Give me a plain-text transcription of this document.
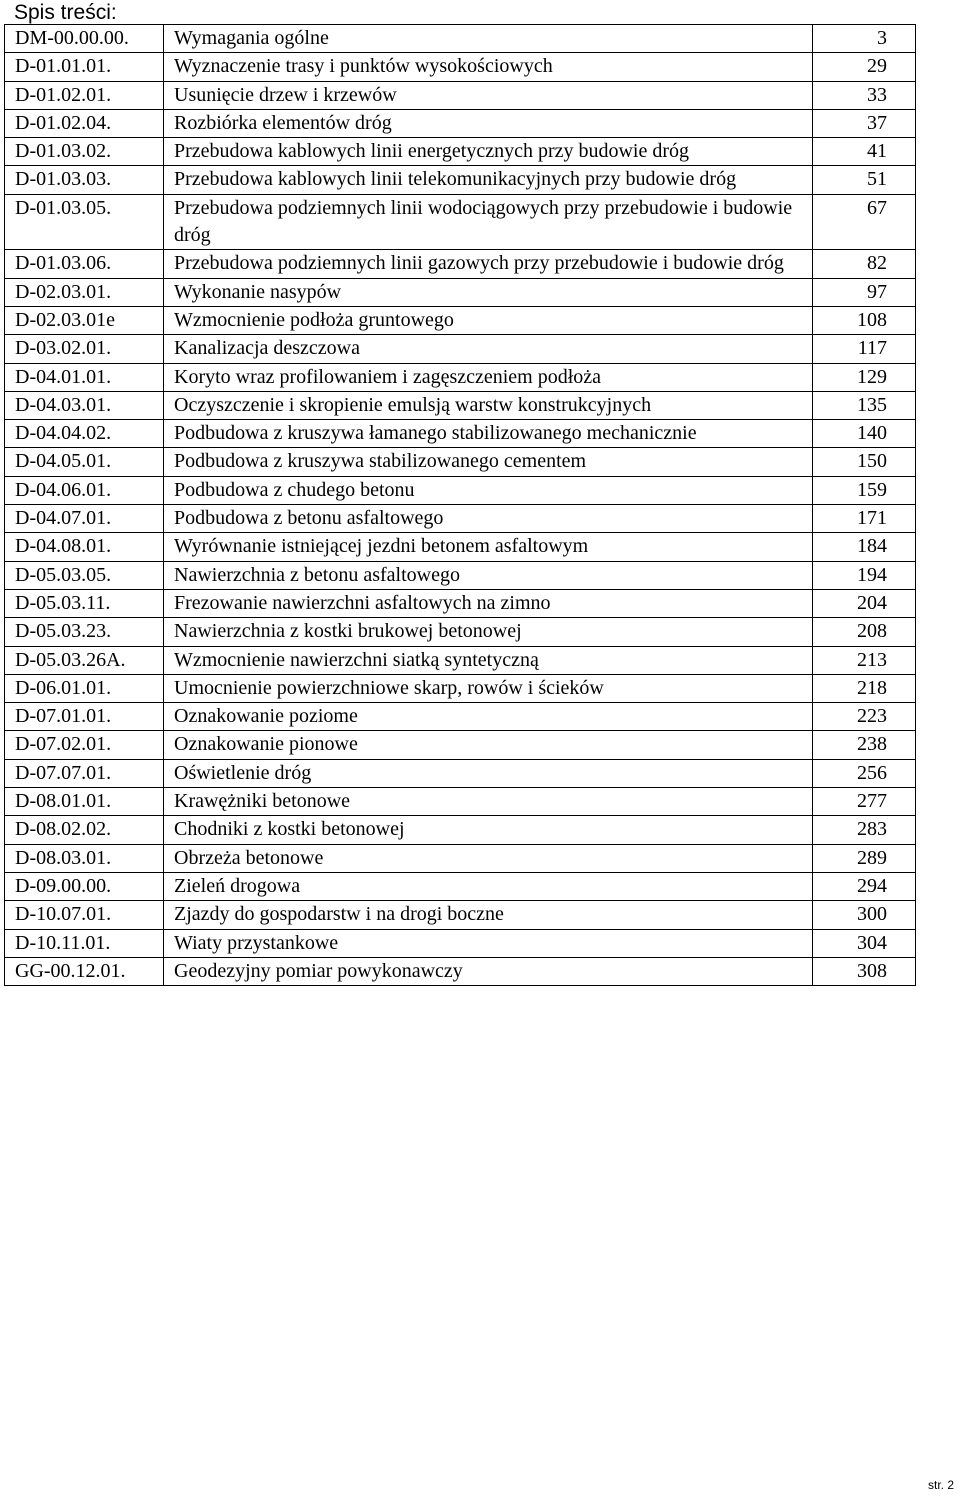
Spis treści:
DM-00.00.00.	Wymagania ogólne	3
D-01.01.01.	Wyznaczenie trasy i punktów wysokościowych	29
D-01.02.01.	Usunięcie drzew i krzewów	33
D-01.02.04.	Rozbiórka elementów dróg	37
D-01.03.02.	Przebudowa kablowych linii energetycznych przy budowie dróg	41
D-01.03.03.	Przebudowa kablowych linii telekomunikacyjnych przy budowie dróg	51
D-01.03.05.	Przebudowa podziemnych linii wodociągowych przy przebudowie i budowie dróg	67
D-01.03.06.	Przebudowa podziemnych linii gazowych przy przebudowie i budowie dróg	82
D-02.03.01.	Wykonanie nasypów	97
D-02.03.01e	Wzmocnienie podłoża gruntowego	108
D-03.02.01.	Kanalizacja deszczowa	117
D-04.01.01.	Koryto wraz profilowaniem i zagęszczeniem podłoża	129
D-04.03.01.	Oczyszczenie i skropienie emulsją warstw konstrukcyjnych	135
D-04.04.02.	Podbudowa z kruszywa łamanego stabilizowanego mechanicznie	140
D-04.05.01.	Podbudowa z kruszywa stabilizowanego cementem	150
D-04.06.01.	Podbudowa z chudego betonu	159
D-04.07.01.	Podbudowa z betonu asfaltowego	171
D-04.08.01.	Wyrównanie istniejącej jezdni betonem asfaltowym	184
D-05.03.05.	Nawierzchnia z betonu asfaltowego	194
D-05.03.11.	Frezowanie nawierzchni asfaltowych na zimno	204
D-05.03.23.	Nawierzchnia z kostki brukowej betonowej	208
D-05.03.26A.	Wzmocnienie nawierzchni siatką syntetyczną	213
D-06.01.01.	Umocnienie powierzchniowe skarp, rowów i ścieków	218
D-07.01.01.	Oznakowanie poziome	223
D-07.02.01.	Oznakowanie pionowe	238
D-07.07.01.	Oświetlenie dróg	256
D-08.01.01.	Krawężniki betonowe	277
D-08.02.02.	Chodniki z kostki betonowej	283
D-08.03.01.	Obrzeża betonowe	289
D-09.00.00.	Zieleń drogowa	294
D-10.07.01.	Zjazdy do gospodarstw i na drogi boczne	300
D-10.11.01.	Wiaty przystankowe	304
GG-00.12.01.	Geodezyjny pomiar powykonawczy	308
str. 2
